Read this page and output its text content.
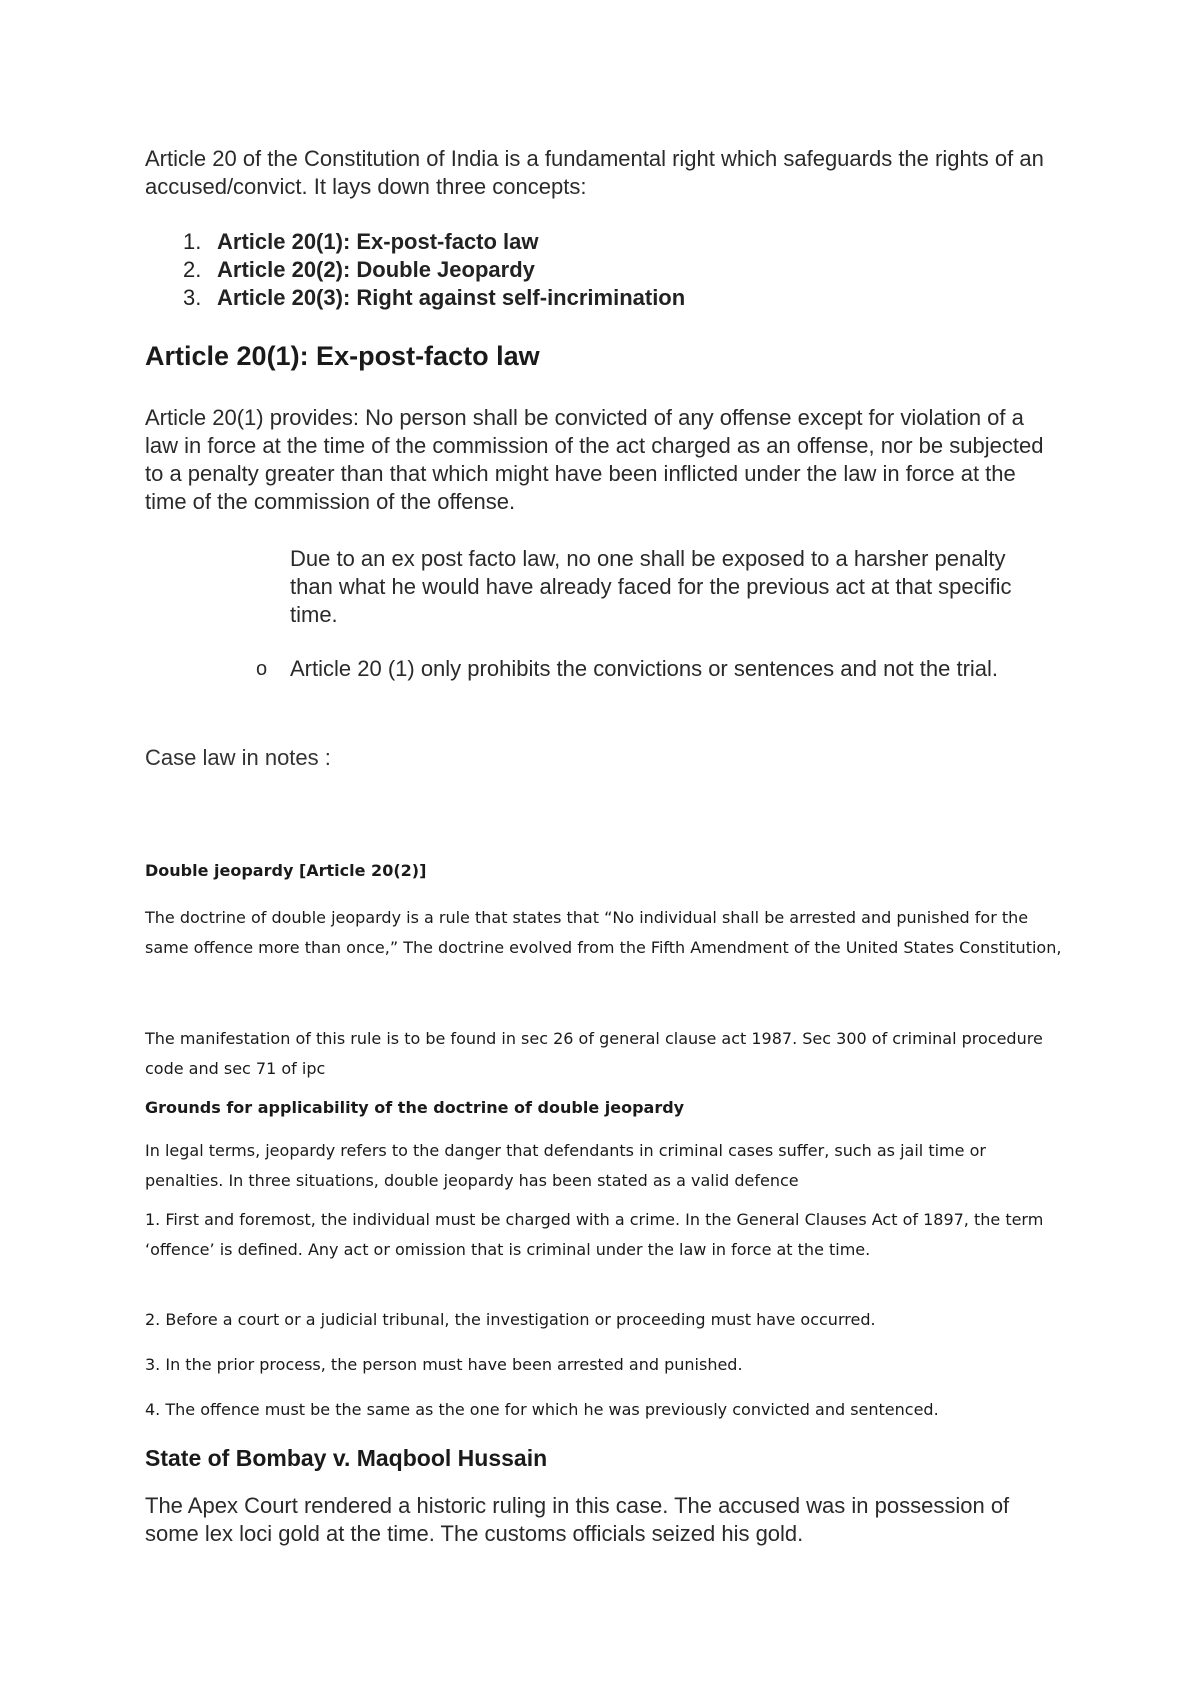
Article 20 of the Constitution of India is a fundamental right which safeguards the rights of an accused/convict. It lays down three concepts:

1. Article 20(1): Ex-post-facto law
2. Article 20(2): Double Jeopardy
3. Article 20(3): Right against self-incrimination
Article 20(1): Ex-post-facto law

Article 20(1) provides: No person shall be convicted of any offense except for violation of a law in force at the time of the commission of the act charged as an offense, nor be subjected to a penalty greater than that which might have been inflicted under the law in force at the time of the commission of the offense.

Due to an ex post facto law, no one shall be exposed to a harsher penalty than what he would have already faced for the previous act at that specific time.

o Article 20 (1) only prohibits the convictions or sentences and not the trial.

Case law in notes :

Double jeopardy [Article 20(2)]

The doctrine of double jeopardy is a rule that states that “No individual shall be arrested and punished for the same offence more than once,” The doctrine evolved from the Fifth Amendment of the United States Constitution,

The manifestation of this rule is to be found in sec 26 of general clause act 1987. Sec 300 of criminal procedure code and sec 71 of ipc

Grounds for applicability of the doctrine of double jeopardy

In legal terms, jeopardy refers to the danger that defendants in criminal cases suffer, such as jail time or penalties. In three situations, double jeopardy has been stated as a valid defence

1. First and foremost, the individual must be charged with a crime. In the General Clauses Act of 1897, the term ‘offence’ is defined. Any act or omission that is criminal under the law in force at the time.

2. Before a court or a judicial tribunal, the investigation or proceeding must have occurred.

3. In the prior process, the person must have been arrested and punished.

4. The offence must be the same as the one for which he was previously convicted and sentenced.

State of Bombay v. Maqbool Hussain

The Apex Court rendered a historic ruling in this case. The accused was in possession of some lex loci gold at the time. The customs officials seized his gold.
